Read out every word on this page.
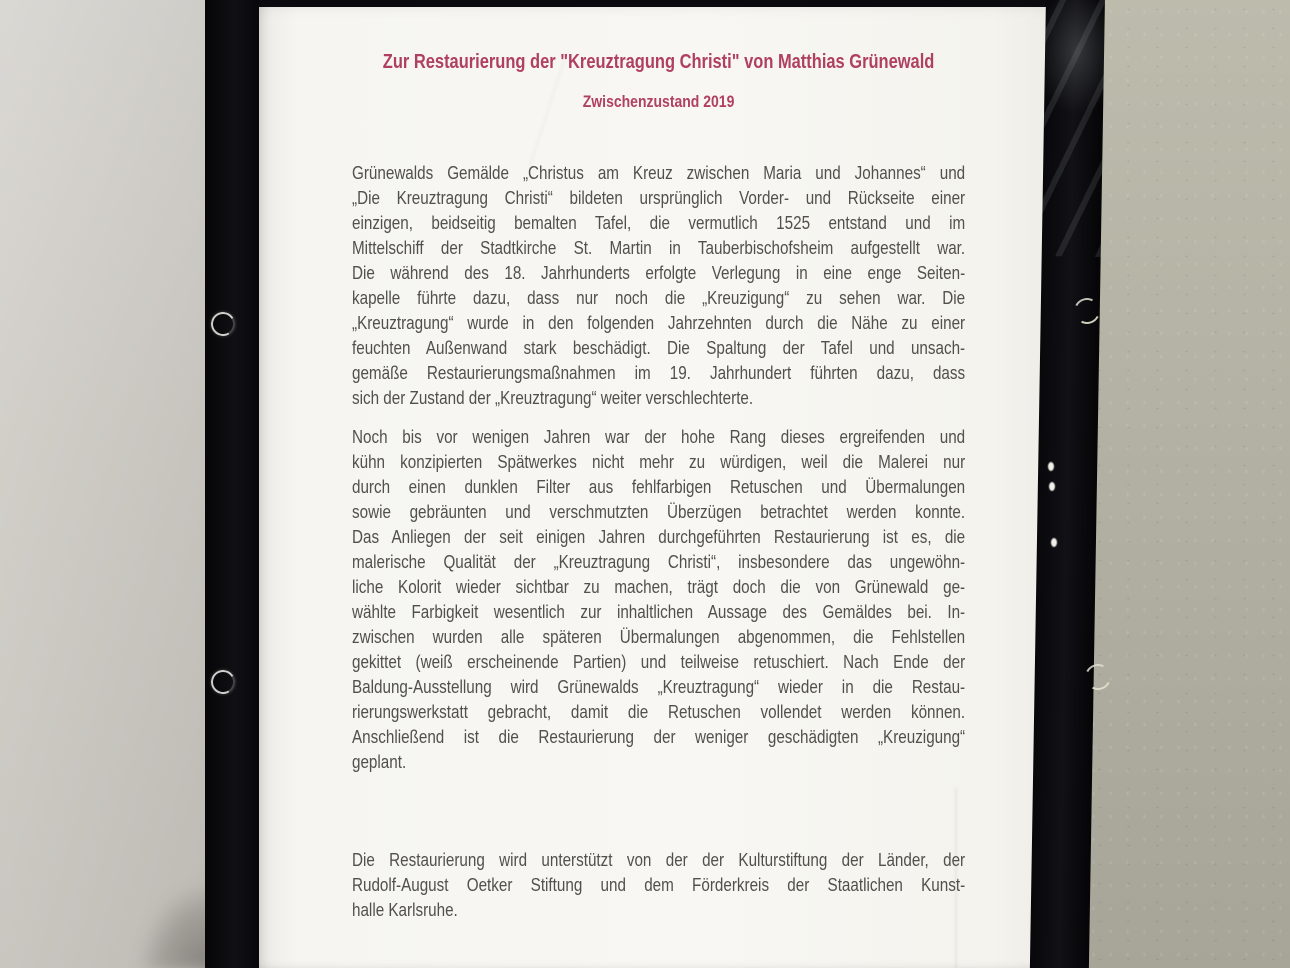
Zur Restaurierung der "Kreuztragung Christi" von Matthias Grünewald
Zwischenzustand 2019
Grünewalds Gemälde „Christus am Kreuz zwischen Maria und Johannes“ und
„Die Kreuztragung Christi“ bildeten ursprünglich Vorder- und Rückseite einer
einzigen, beidseitig bemalten Tafel, die vermutlich 1525 entstand und im
Mittelschiff der Stadtkirche St. Martin in Tauberbischofsheim aufgestellt war.
Die während des 18. Jahrhunderts erfolgte Verlegung in eine enge Seiten-
kapelle führte dazu, dass nur noch die „Kreuzigung“ zu sehen war. Die
„Kreuztragung“ wurde in den folgenden Jahrzehnten durch die Nähe zu einer
feuchten Außenwand stark beschädigt. Die Spaltung der Tafel und unsach-
gemäße Restaurierungsmaßnahmen im 19. Jahrhundert führten dazu, dass
sich der Zustand der „Kreuztragung“ weiter verschlechterte.
Noch bis vor wenigen Jahren war der hohe Rang dieses ergreifenden und
kühn konzipierten Spätwerkes nicht mehr zu würdigen, weil die Malerei nur
durch einen dunklen Filter aus fehlfarbigen Retuschen und Übermalungen
sowie gebräunten und verschmutzten Überzügen betrachtet werden konnte.
Das Anliegen der seit einigen Jahren durchgeführten Restaurierung ist es, die
malerische Qualität der „Kreuztragung Christi“, insbesondere das ungewöhn-
liche Kolorit wieder sichtbar zu machen, trägt doch die von Grünewald ge-
wählte Farbigkeit wesentlich zur inhaltlichen Aussage des Gemäldes bei. In-
zwischen wurden alle späteren Übermalungen abgenommen, die Fehlstellen
gekittet (weiß erscheinende Partien) und teilweise retuschiert. Nach Ende der
Baldung-Ausstellung wird Grünewalds „Kreuztragung“ wieder in die Restau-
rierungswerkstatt gebracht, damit die Retuschen vollendet werden können.
Anschließend ist die Restaurierung der weniger geschädigten „Kreuzigung“
geplant.
Die Restaurierung wird unterstützt von der der Kulturstiftung der Länder, der
Rudolf-August Oetker Stiftung und dem Förderkreis der Staatlichen Kunst-
halle Karlsruhe.
